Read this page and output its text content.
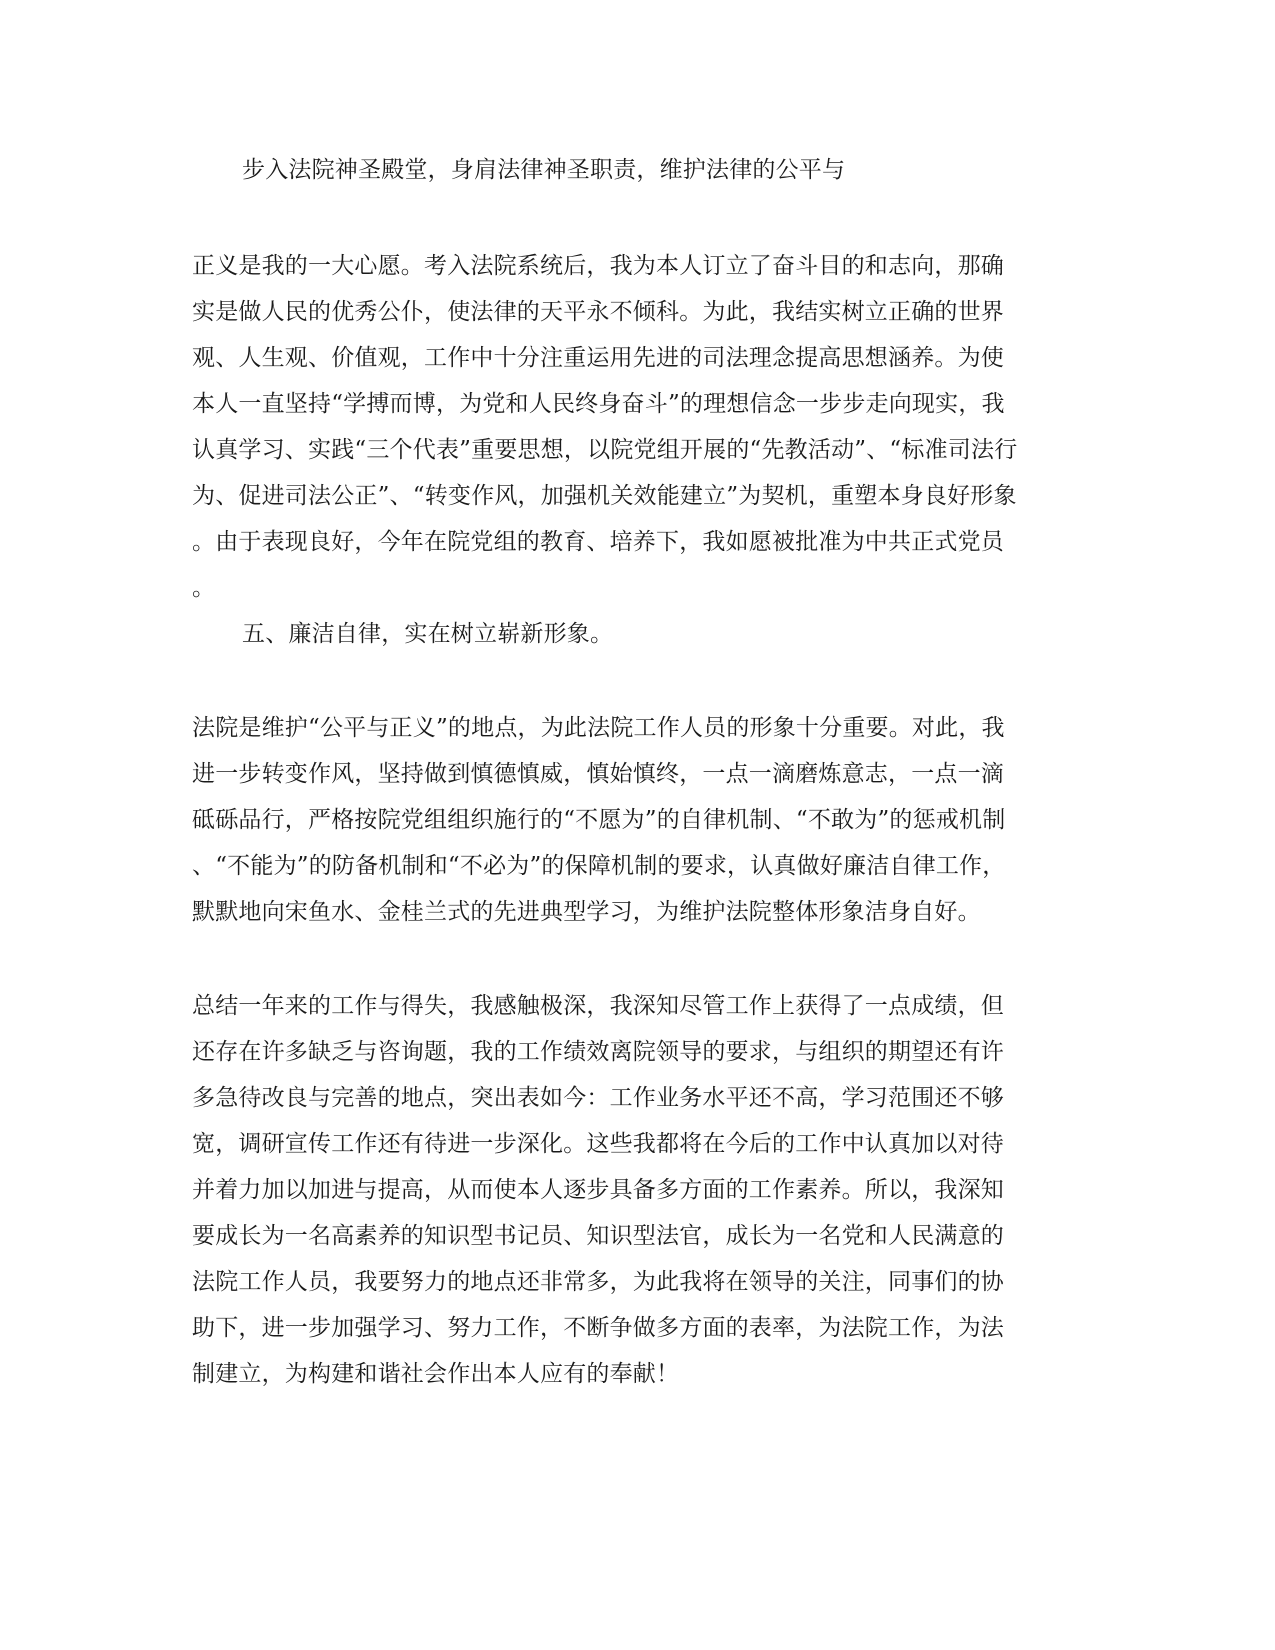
步入法院神圣殿堂，身肩法律神圣职责，维护法律的公平与
正义是我的一大心愿。考入法院系统后，我为本人订立了奋斗目的和志向，那确
实是做人民的优秀公仆，使法律的天平永不倾科。为此，我结实树立正确的世界
观、人生观、价值观，工作中十分注重运用先进的司法理念提高思想涵养。为使
本人一直坚持“学搏而博，为党和人民终身奋斗”的理想信念一步步走向现实，我
认真学习、实践“三个代表”重要思想，以院党组开展的“先教活动”、“标准司法行
为、促进司法公正”、“转变作风，加强机关效能建立”为契机，重塑本身良好形象
。由于表现良好，今年在院党组的教育、培养下，我如愿被批准为中共正式党员
。
五、廉洁自律，实在树立崭新形象。
法院是维护“公平与正义”的地点，为此法院工作人员的形象十分重要。对此，我
进一步转变作风，坚持做到慎德慎威，慎始慎终，一点一滴磨炼意志，一点一滴
砥砾品行，严格按院党组组织施行的“不愿为”的自律机制、“不敢为”的惩戒机制
、“不能为”的防备机制和“不必为”的保障机制的要求，认真做好廉洁自律工作，
默默地向宋鱼水、金桂兰式的先进典型学习，为维护法院整体形象洁身自好。
总结一年来的工作与得失，我感触极深，我深知尽管工作上获得了一点成绩，但
还存在许多缺乏与咨询题，我的工作绩效离院领导的要求，与组织的期望还有许
多急待改良与完善的地点，突出表如今：工作业务水平还不高，学习范围还不够
宽，调研宣传工作还有待进一步深化。这些我都将在今后的工作中认真加以对待
并着力加以加进与提高，从而使本人逐步具备多方面的工作素养。所以，我深知
要成长为一名高素养的知识型书记员、知识型法官，成长为一名党和人民满意的
法院工作人员，我要努力的地点还非常多，为此我将在领导的关注，同事们的协
助下，进一步加强学习、努力工作，不断争做多方面的表率，为法院工作，为法
制建立，为构建和谐社会作出本人应有的奉献！
